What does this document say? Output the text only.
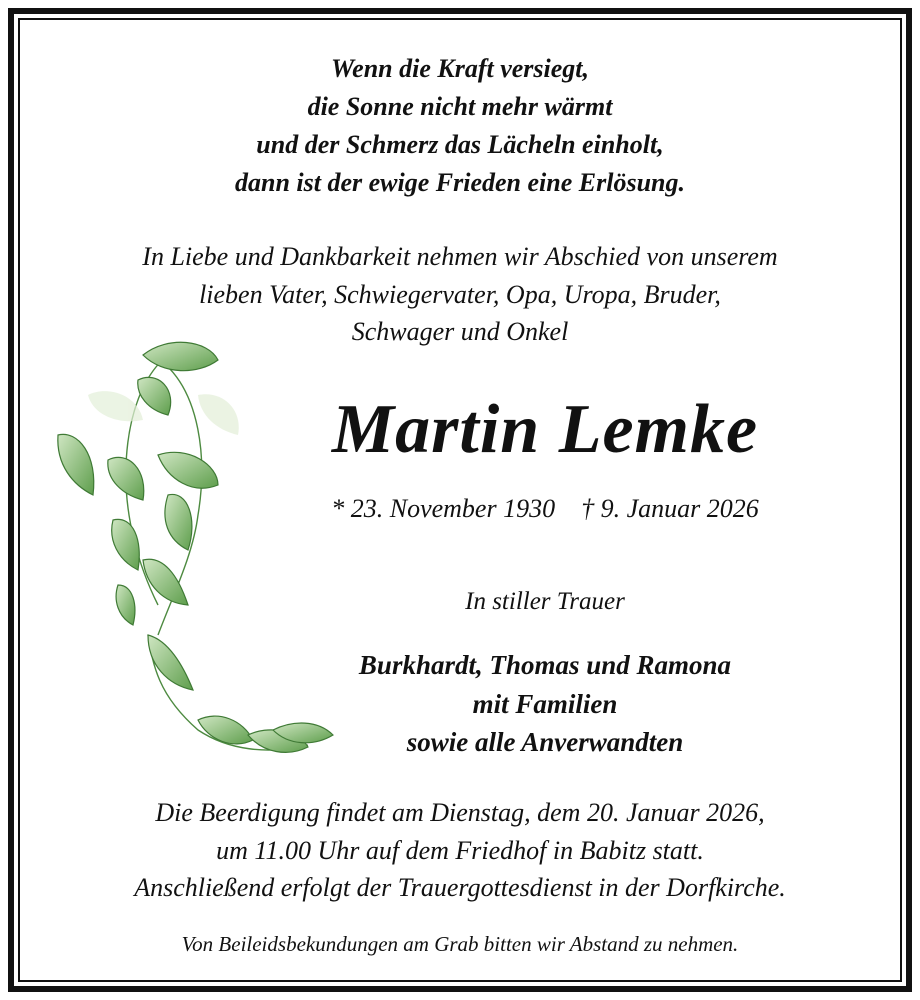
Wenn die Kraft versiegt,
die Sonne nicht mehr wärmt
und der Schmerz das Lächeln einholt,
dann ist der ewige Frieden eine Erlösung.
In Liebe und Dankbarkeit nehmen wir Abschied von unserem
lieben Vater, Schwiegervater, Opa, Uropa, Bruder,
Schwager und Onkel
Martin Lemke
* 23. November 1930 † 9. Januar 2026
In stiller Trauer
Burkhardt, Thomas und Ramona
mit Familien
sowie alle Anverwandten
Die Beerdigung findet am Dienstag, dem 20. Januar 2026,
um 11.00 Uhr auf dem Friedhof in Babitz statt.
Anschließend erfolgt der Trauergottesdienst in der Dorfkirche.
Von Beileidsbekundungen am Grab bitten wir Abstand zu nehmen.
